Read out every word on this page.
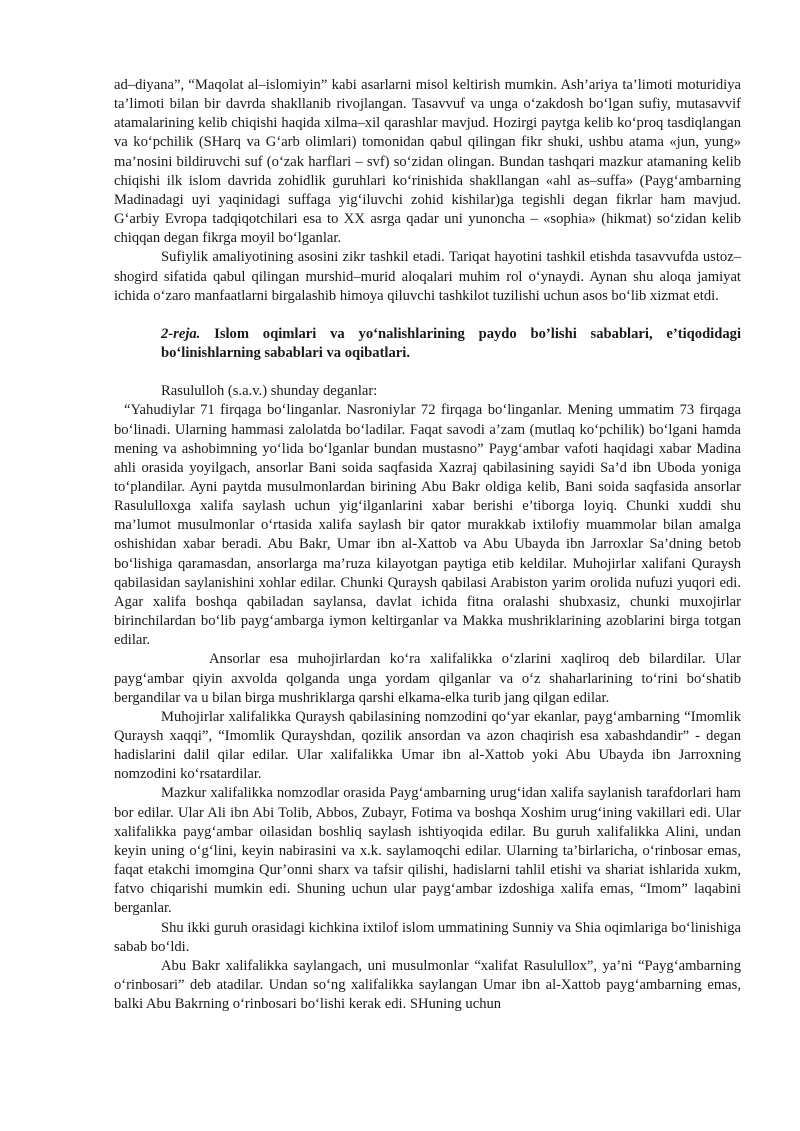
ad–diyana”, “Maqolat al–islomiyin” kabi asarlarni misol keltirish mumkin. Ash’ariya ta’limoti moturidiya ta’limoti bilan bir davrda shakllanib rivojlangan. Tasavvuf va unga o‘zakdosh bo‘lgan sufiy, mutasavvif atamalarining kelib chiqishi haqida xilma–xil qarashlar mavjud. Hozirgi paytga kelib ko‘proq tasdiqlangan va ko‘pchilik (SHarq va G‘arb olimlari) tomonidan qabul qilingan fikr shuki, ushbu atama «jun, yung» ma’nosini bildiruvchi suf (o‘zak harflari – svf) so‘zidan olingan. Bundan tashqari mazkur atamaning kelib chiqishi ilk islom davrida zohidlik guruhlari ko‘rinishida shakllangan «ahl as–suffa» (Payg‘ambarning Madinadagi uyi yaqinidagi suffaga yig‘iluvchi zohid kishilar)ga tegishli degan fikrlar ham mavjud. G‘arbiy Evropa tadqiqotchilari esa to XX asrga qadar uni yunoncha – «sophia» (hikmat) so‘zidan kelib chiqqan degan fikrga moyil bo‘lganlar.

Sufiylik amaliyotining asosini zikr tashkil etadi. Tariqat hayotini tashkil etishda tasavvufda ustoz–shogird sifatida qabul qilingan murshid–murid aloqalari muhim rol o‘ynaydi. Aynan shu aloqa jamiyat ichida o‘zaro manfaatlarni birgalashib himoya qiluvchi tashkilot tuzilishi uchun asos bo‘lib xizmat etdi.

2-reja. Islom oqimlari va yo‘nalishlarining paydo bo’lishi sabablari, e’tiqodidagi bo‘linishlarning sabablari va oqibatlari.

Rasululloh (s.a.v.) shunday deganlar:

“Yahudiylar 71 firqaga bo‘linganlar. Nasroniylar 72 firqaga bo‘linganlar. Mening ummatim 73 firqaga bo‘linadi. Ularning hammasi zalolatda bo‘ladilar. Faqat savodi a’zam (mutlaq ko‘pchilik) bo‘lgani hamda mening va ashobimning yo‘lida bo‘lganlar bundan mustasno” Payg‘ambar vafoti haqidagi xabar Madina ahli orasida yoyilgach, ansorlar Bani soida saqfasida Xazraj qabilasining sayidi Sa’d ibn Uboda yoniga to‘plandilar. Ayni paytda musulmonlardan birining Abu Bakr oldiga kelib, Bani soida saqfasida ansorlar Rasululloxga xalifa saylash uchun yig‘ilganlarini xabar berishi e’tiborga loyiq. Chunki xuddi shu ma’lumot musulmonlar o‘rtasida xalifa saylash bir qator murakkab ixtilofiy muammolar bilan amalga oshishidan xabar beradi. Abu Bakr, Umar ibn al-Xattob va Abu Ubayda ibn Jarroxlar Sa’dning betob bo‘lishiga qaramasdan, ansorlarga ma’ruza kilayotgan paytiga etib keldilar. Muhojirlar xalifani Quraysh qabilasidan saylanishini xohlar edilar. Chunki Quraysh qabilasi Arabiston yarim orolida nufuzi yuqori edi. Agar xalifa boshqa qabiladan saylansa, davlat ichida fitna oralashi shubxasiz, chunki muxojirlar birinchilardan bo‘lib payg‘ambarga iymon keltirganlar va Makka mushriklarining azoblarini birga totgan edilar.

Ansorlar esa muhojirlardan ko‘ra xalifalikka o‘zlarini xaqliroq deb bilardilar. Ular payg‘ambar qiyin axvolda qolganda unga yordam qilganlar va o‘z shaharlarining to‘rini bo‘shatib bergandilar va u bilan birga mushriklarga qarshi elkama-elka turib jang qilgan edilar.

Muhojirlar xalifalikka Quraysh qabilasining nomzodini qo‘yar ekanlar, payg‘ambarning “Imomlik Quraysh xaqqi”, “Imomlik Qurayshdan, qozilik ansordan va azon chaqirish esa xabashdandir” - degan hadislarini dalil qilar edilar. Ular xalifalikka Umar ibn al-Xattob yoki Abu Ubayda ibn Jarroxning nomzodini ko‘rsatardilar.

Mazkur xalifalikka nomzodlar orasida Payg‘ambarning urug‘idan xalifa saylanish tarafdorlari ham bor edilar. Ular Ali ibn Abi Tolib, Abbos, Zubayr, Fotima va boshqa Xoshim urug‘ining vakillari edi. Ular xalifalikka payg‘ambar oilasidan boshliq saylash ishtiyoqida edilar. Bu guruh xalifalikka Alini, undan keyin uning o‘g‘lini, keyin nabirasini va x.k. saylamoqchi edilar. Ularning ta’birlaricha, o‘rinbosar emas, faqat etakchi imomgina Qur’onni sharx va tafsir qilishi, hadislarni tahlil etishi va shariat ishlarida xukm, fatvo chiqarishi mumkin edi. Shuning uchun ular payg‘ambar izdoshiga xalifa emas, “Imom” laqabini berganlar.

Shu ikki guruh orasidagi kichkina ixtilof islom ummatining Sunniy va Shia oqimlariga bo‘linishiga sabab bo‘ldi.

Abu Bakr xalifalikka saylangach, uni musulmonlar “xalifat Rasulullox”, ya’ni “Payg‘ambarning o‘rinbosari” deb atadilar. Undan so‘ng xalifalikka saylangan Umar ibn al-Xattob payg‘ambarning emas, balki Abu Bakrning o‘rinbosari bo‘lishi kerak edi. SHuning uchun
